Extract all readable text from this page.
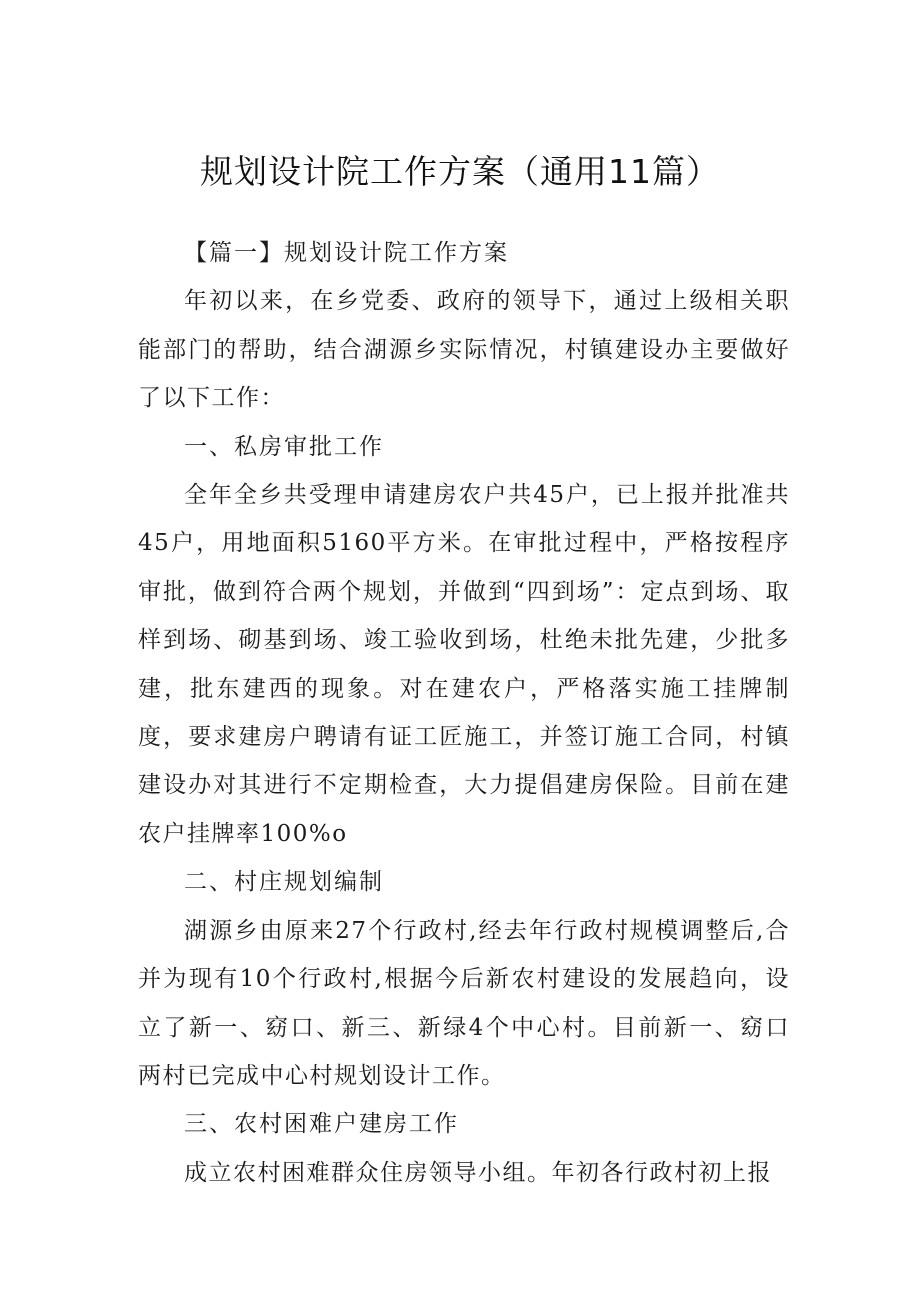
规划设计院工作方案（通用11篇）

【篇一】规划设计院工作方案

年初以来，在乡党委、政府的领导下，通过上级相关职能部门的帮助，结合湖源乡实际情况，村镇建设办主要做好了以下工作：

一、私房审批工作

全年全乡共受理申请建房农户共45户，已上报并批准共45户，用地面积5160平方米。在审批过程中，严格按程序审批，做到符合两个规划，并做到“四到场”：定点到场、取样到场、砌基到场、竣工验收到场，杜绝未批先建，少批多建，批东建西的现象。对在建农户，严格落实施工挂牌制度，要求建房户聘请有证工匠施工，并签订施工合同，村镇建设办对其进行不定期检查，大力提倡建房保险。目前在建农户挂牌率100%o

二、村庄规划编制

湖源乡由原来27个行政村,经去年行政村规模调整后,合并为现有10个行政村,根据今后新农村建设的发展趋向，设立了新一、窈口、新三、新绿4个中心村。目前新一、窈口两村已完成中心村规划设计工作。

三、农村困难户建房工作

成立农村困难群众住房领导小组。年初各行政村初上报
